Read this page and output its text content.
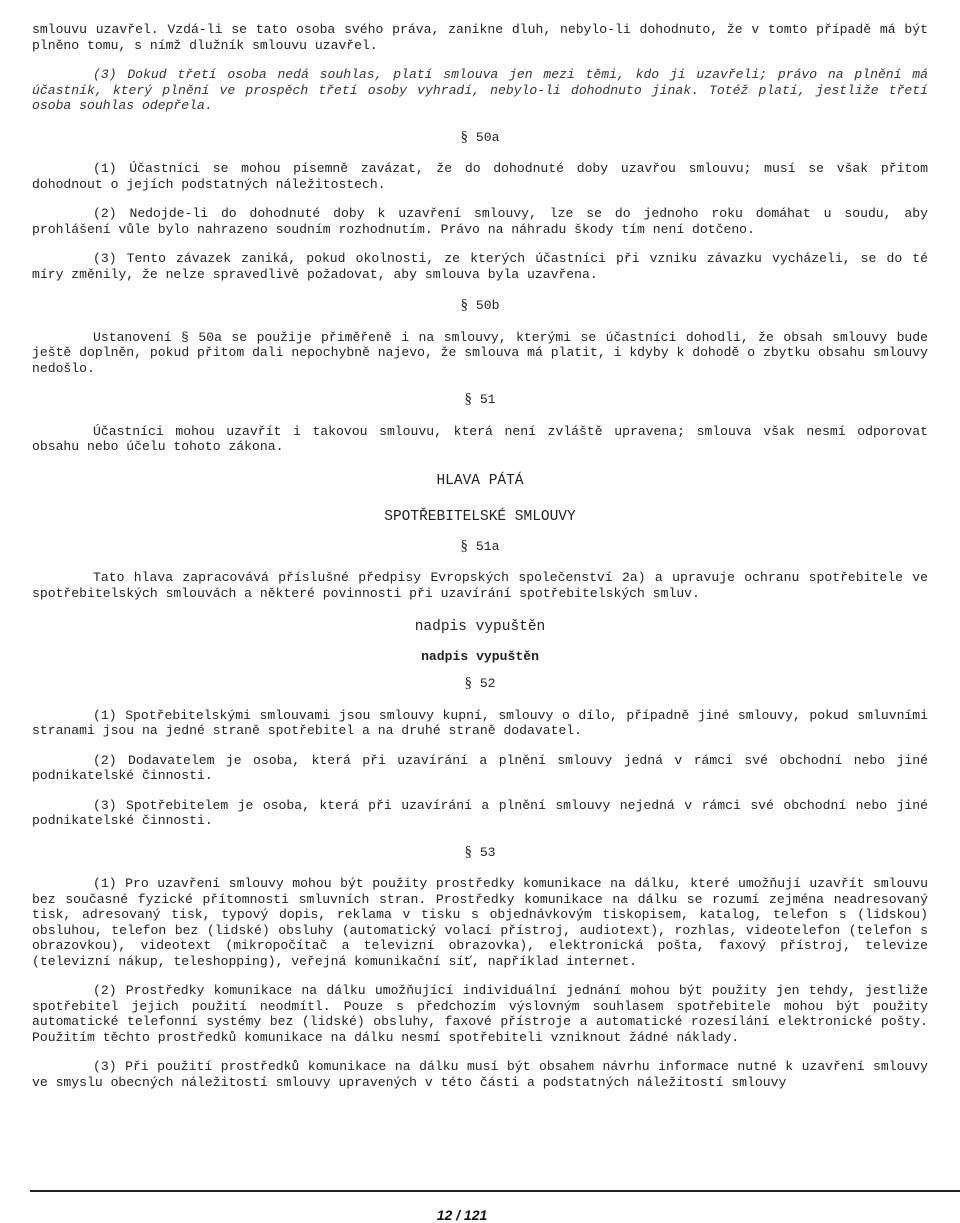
smlouvu uzavřel. Vzdá-li se tato osoba svého práva, zanikne dluh, nebylo-li dohodnuto, že v tomto případě má být plněno tomu, s nímž dlužník smlouvu uzavřel.

(3) Dokud třetí osoba nedá souhlas, platí smlouva jen mezi těmi, kdo ji uzavřeli; právo na plnění má účastník, který plnění ve prospěch třetí osoby vyhradí, nebylo-li dohodnuto jinak. Totéž platí, jestliže třetí osoba souhlas odepřela.

§ 50a

(1) Účastníci se mohou písemně zavázat, že do dohodnuté doby uzavřou smlouvu; musí se však přitom dohodnout o jejích podstatných náležitostech.

(2) Nedojde-li do dohodnuté doby k uzavření smlouvy, lze se do jednoho roku domáhat u soudu, aby prohlášení vůle bylo nahrazeno soudním rozhodnutím. Právo na náhradu škody tím není dotčeno.

(3) Tento závazek zaniká, pokud okolnosti, ze kterých účastníci při vzniku závazku vycházeli, se do té míry změnily, že nelze spravedlivě požadovat, aby smlouva byla uzavřena.

§ 50b

Ustanovení § 50a se použije přiměřeně i na smlouvy, kterými se účastníci dohodli, že obsah smlouvy bude ještě doplněn, pokud přitom dali nepochybně najevo, že smlouva má platit, i kdyby k dohodě o zbytku obsahu smlouvy nedošlo.

§ 51

Účastníci mohou uzavřít i takovou smlouvu, která není zvláště upravena; smlouva však nesmí odporovat obsahu nebo účelu tohoto zákona.

HLAVA PÁTÁ

SPOTŘEBITELSKÉ SMLOUVY

§ 51a

Tato hlava zapracovává příslušné předpisy Evropských společenství 2a) a upravuje ochranu spotřebitele ve spotřebitelských smlouvách a některé povinnosti při uzavírání spotřebitelských smluv.

nadpis vypuštěn

nadpis vypuštěn

§ 52

(1) Spotřebitelskými smlouvami jsou smlouvy kupní, smlouvy o dílo, případně jiné smlouvy, pokud smluvními stranami jsou na jedné straně spotřebitel a na druhé straně dodavatel.

(2) Dodavatelem je osoba, která při uzavírání a plnění smlouvy jedná v rámci své obchodní nebo jiné podnikatelské činnosti.

(3) Spotřebitelem je osoba, která při uzavírání a plnění smlouvy nejedná v rámci své obchodní nebo jiné podnikatelské činnosti.

§ 53

(1) Pro uzavření smlouvy mohou být použity prostředky komunikace na dálku, které umožňují uzavřít smlouvu bez současné fyzické přítomnosti smluvních stran. Prostředky komunikace na dálku se rozumí zejména neadresovaný tisk, adresovaný tisk, typový dopis, reklama v tisku s objednávkovým tiskopisem, katalog, telefon s (lidskou) obsluhou, telefon bez (lidské) obsluhy (automatický volací přístroj, audiotext), rozhlas, videotelefon (telefon s obrazovkou), videotext (mikropočítač a televizní obrazovka), elektronická pošta, faxový přístroj, televize (televizní nákup, teleshopping), veřejná komunikační síť, například internet.

(2) Prostředky komunikace na dálku umožňující individuální jednání mohou být použity jen tehdy, jestliže spotřebitel jejich použití neodmítl. Pouze s předchozím výslovným souhlasem spotřebitele mohou být použity automatické telefonní systémy bez (lidské) obsluhy, faxové přístroje a automatické rozesílání elektronické pošty. Použitím těchto prostředků komunikace na dálku nesmí spotřebiteli vzniknout žádné náklady.

(3) Při použití prostředků komunikace na dálku musí být obsahem návrhu informace nutné k uzavření smlouvy ve smyslu obecných náležitostí smlouvy upravených v této části a podstatných náležitostí smlouvy

12 / 121
